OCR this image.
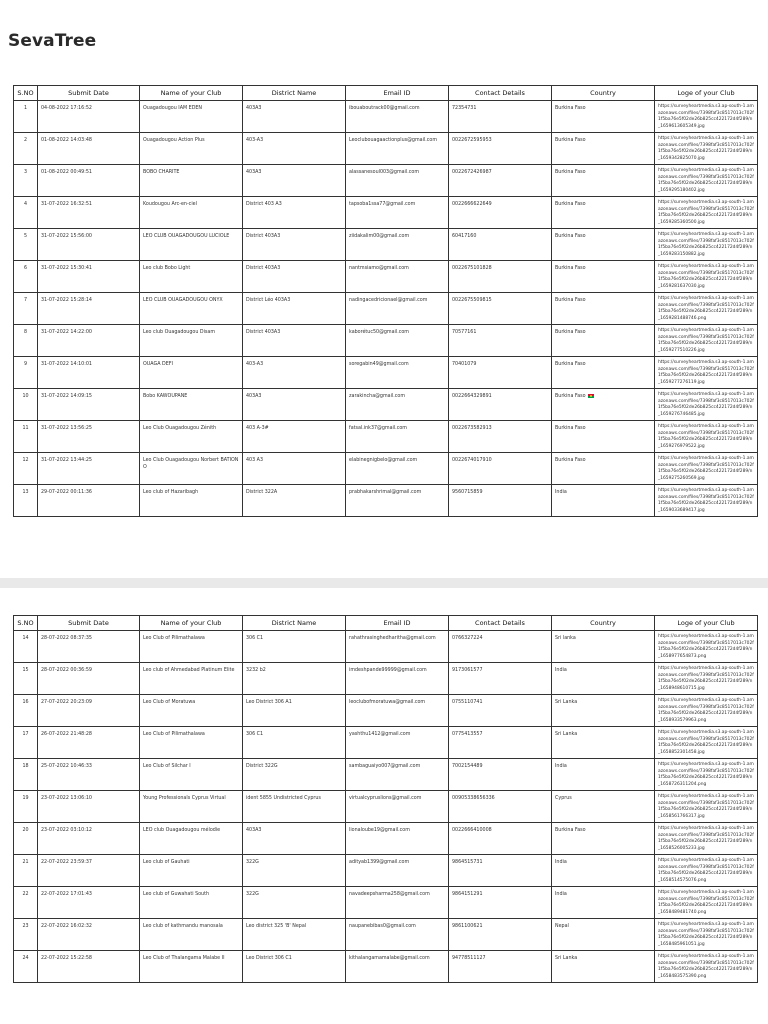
SevaTree
S.NO	Submit Date	Name of your Club	District Name	Email ID	Contact Details	Country	Loge of your Club
1	04-08-2022 17:16:52	Ouagadougou IAM EDEN	403A3	ibouaboutrack00@gmail.com	72354731	Burkina Faso	https://surveyheartmedia.s3.ap-south-1.amazonaws.com/files/7398faf3c8517013c702f1f5ba76e5f02de26b825cc422172d4f289/n_1659613605349.jpg
2	01-08-2022 14:03:48	Ouagadougou Action Plus	403-A3	Leoclubouagaactionplus@gmail.com	0022672595953	Burkina Faso	https://surveyheartmedia.s3.ap-south-1.amazonaws.com/files/7398faf3c8517013c702f1f5ba76e5f02de26b825cc422172d4f289/n_1659342825070.jpg
3	01-08-2022 00:49:51	BOBO CHARITE	403A3	alassanesoul003@gmail.com	0022672426987	Burkina Faso	https://surveyheartmedia.s3.ap-south-1.amazonaws.com/files/7398faf3c8517013c702f1f5ba76e5f02de26b825cc422172d4f289/n_1659295180402.jpg
4	31-07-2022 16:32:51	Koudougou Arc-en-ciel	District 403 A3	tapsoba1ssa77@gmail.com	0022666622649	Burkina Faso	https://surveyheartmedia.s3.ap-south-1.amazonaws.com/files/7398faf3c8517013c702f1f5ba76e5f02de26b825cc422172d4f289/n_1659285360500.jpg
5	31-07-2022 15:56:00	LEO CLUB OUAGADOUGOU LUCIOLE	District 403A3	ziidakalim00@gmail.com	60417160	Burkina Faso	https://surveyheartmedia.s3.ap-south-1.amazonaws.com/files/7398faf3c8517013c702f1f5ba76e5f02de26b825cc422172d4f289/n_1659283150882.jpg
6	31-07-2022 15:30:41	Leo club Bobo Light	District 403A3	nantmsiamo@gmail.com	0022675101828	Burkina Faso	https://surveyheartmedia.s3.ap-south-1.amazonaws.com/files/7398faf3c8517013c702f1f5ba76e5f02de26b825cc422172d4f289/n_1659281637030.jpg
7	31-07-2022 15:28:14	LEO CLUB OUAGADOUGOU ONYX	District Léo 403A3	nadingacedricionael@gmail.com	0022675509815	Burkina Faso	https://surveyheartmedia.s3.ap-south-1.amazonaws.com/files/7398faf3c8517013c702f1f5ba76e5f02de26b825cc422172d4f289/n_1659281488746.png
8	31-07-2022 14:22:00	Leo club Ouagadougou Disam	District 403A3	kaborétuc50@gmail.com	70577161	Burkina Faso	https://surveyheartmedia.s3.ap-south-1.amazonaws.com/files/7398faf3c8517013c702f1f5ba76e5f02de26b825cc422172d4f289/n_1659277510226.jpg
9	31-07-2022 14:10:01	OUAGA DEFI	403-A3	soregabin49@gmail.com	70401079	Burkina Faso	https://surveyheartmedia.s3.ap-south-1.amazonaws.com/files/7398faf3c8517013c702f1f5ba76e5f02de26b825cc422172d4f289/n_1659277276119.jpg
10	31-07-2022 14:09:15	Bobo KAWOUPANE	403A3	zarakincha@gmail.com	0022664329891	Burkina Faso	https://surveyheartmedia.s3.ap-south-1.amazonaws.com/files/7398faf3c8517013c702f1f5ba76e5f02de26b825cc422172d4f289/n_1659276746485.jpg
11	31-07-2022 13:56:25	Leo Club Ouagadougou Zénith	403 A-3#	fatsal.ink37@gmail.com	0022673582913	Burkina Faso	https://surveyheartmedia.s3.ap-south-1.amazonaws.com/files/7398faf3c8517013c702f1f5ba76e5f02de26b825cc422172d4f289/n_1659276979522.jpg
12	31-07-2022 13:44:25	Leo Club Ouagadougou Norbert BATIONO	403 A3	elabinegnigbelo@gmail.com	0022674017910	Burkina Faso	https://surveyheartmedia.s3.ap-south-1.amazonaws.com/files/7398faf3c8517013c702f1f5ba76e5f02de26b825cc422172d4f289/n_1659275260569.jpg
13	29-07-2022 00:11:36	Leo club of Hazaribagh	District 322A	prabhakarshrimal@gmail.com	9560715859	India	https://surveyheartmedia.s3.ap-south-1.amazonaws.com/files/7398faf3c8517013c702f1f5ba76e5f02de26b825cc422172d4f289/n_1659033689417.jpg
S.NO	Submit Date	Name of your Club	District Name	Email ID	Contact Details	Country	Loge of your Club
14	28-07-2022 08:37:35	Leo Club of Pilimathalawa	306 C1	rahathrasinghedharitha@gmail.com	0766327224	Sri lanka	https://surveyheartmedia.s3.ap-south-1.amazonaws.com/files/7398faf3c8517013c702f1f5ba76e5f02de26b825cc422172d4f289/n_1658977654873.png
15	28-07-2022 00:36:59	Leo club of Ahmedabad Platinum Elite	3232 b2	imdeshpande99999@gmail.com	9173061577	India	https://surveyheartmedia.s3.ap-south-1.amazonaws.com/files/7398faf3c8517013c702f1f5ba76e5f02de26b825cc422172d4f289/n_1658948610715.jpg
16	27-07-2022 20:23:09	Leo Club of Moratuwa	Leo District 306 A1	leoclubofmoratuwa@gmail.com	0755110741	Sri Lanka	https://surveyheartmedia.s3.ap-south-1.amazonaws.com/files/7398faf3c8517013c702f1f5ba76e5f02de26b825cc422172d4f289/n_1658933579963.png
17	26-07-2022 21:48:28	Leo Club of Pilimathalawa	306 C1	yashthu1412@gmail.com	0775413557	Sri Lanka	https://surveyheartmedia.s3.ap-south-1.amazonaws.com/files/7398faf3c8517013c702f1f5ba76e5f02de26b825cc422172d4f289/n_1658852301458.jpg
18	25-07-2022 10:46:33	Leo Club of Silchar I	District 322G	sambaguaiyo007@gmail.com	7002154489	India	https://surveyheartmedia.s3.ap-south-1.amazonaws.com/files/7398faf3c8517013c702f1f5ba76e5f02de26b825cc422172d4f289/n_1658726311204.png
19	23-07-2022 13:06:10	Young Professionals Cyprus Virtual	ident 5855 Undistricted Cyprus	virtualcypruslions@gmail.com	00905338656336	Cyprus	https://surveyheartmedia.s3.ap-south-1.amazonaws.com/files/7398faf3c8517013c702f1f5ba76e5f02de26b825cc422172d4f289/n_1658561766317.jpg
20	23-07-2022 03:10:12	LEO club Ouagadougou mélodie	403A3	lionaloube19@gmail.com	0022666410008	Burkina Faso	https://surveyheartmedia.s3.ap-south-1.amazonaws.com/files/7398faf3c8517013c702f1f5ba76e5f02de26b825cc422172d4f289/n_1658526005233.jpg
21	22-07-2022 23:59:37	Leo club of Gauhati	322G	adityab1399@gmail.com	9864515731	India	https://surveyheartmedia.s3.ap-south-1.amazonaws.com/files/7398faf3c8517013c702f1f5ba76e5f02de26b825cc422172d4f289/n_1658514575076.png
22	22-07-2022 17:01:43	Leo club of Guwahati South	322G	navadeepsharma258@gmail.com	9864151291	India	https://surveyheartmedia.s3.ap-south-1.amazonaws.com/files/7398faf3c8517013c702f1f5ba76e5f02de26b825cc422172d4f289/n_1658489481740.png
23	22-07-2022 16:02:32	Leo club of kathmandu manosala	Leo district 325 'B' Nepal	naupanebibas0@gmail.com	9861100621	Nepal	https://surveyheartmedia.s3.ap-south-1.amazonaws.com/files/7398faf3c8517013c702f1f5ba76e5f02de26b825cc422172d4f289/n_1658485961051.jpg
24	22-07-2022 15:22:58	Leo Club of Thalangama Malabe II	Leo District 306 C1	kithalangamamalabe@gmail.com	94778511127	Sri Lanka	https://surveyheartmedia.s3.ap-south-1.amazonaws.com/files/7398faf3c8517013c702f1f5ba76e5f02de26b825cc422172d4f289/n_1658483575390.png
